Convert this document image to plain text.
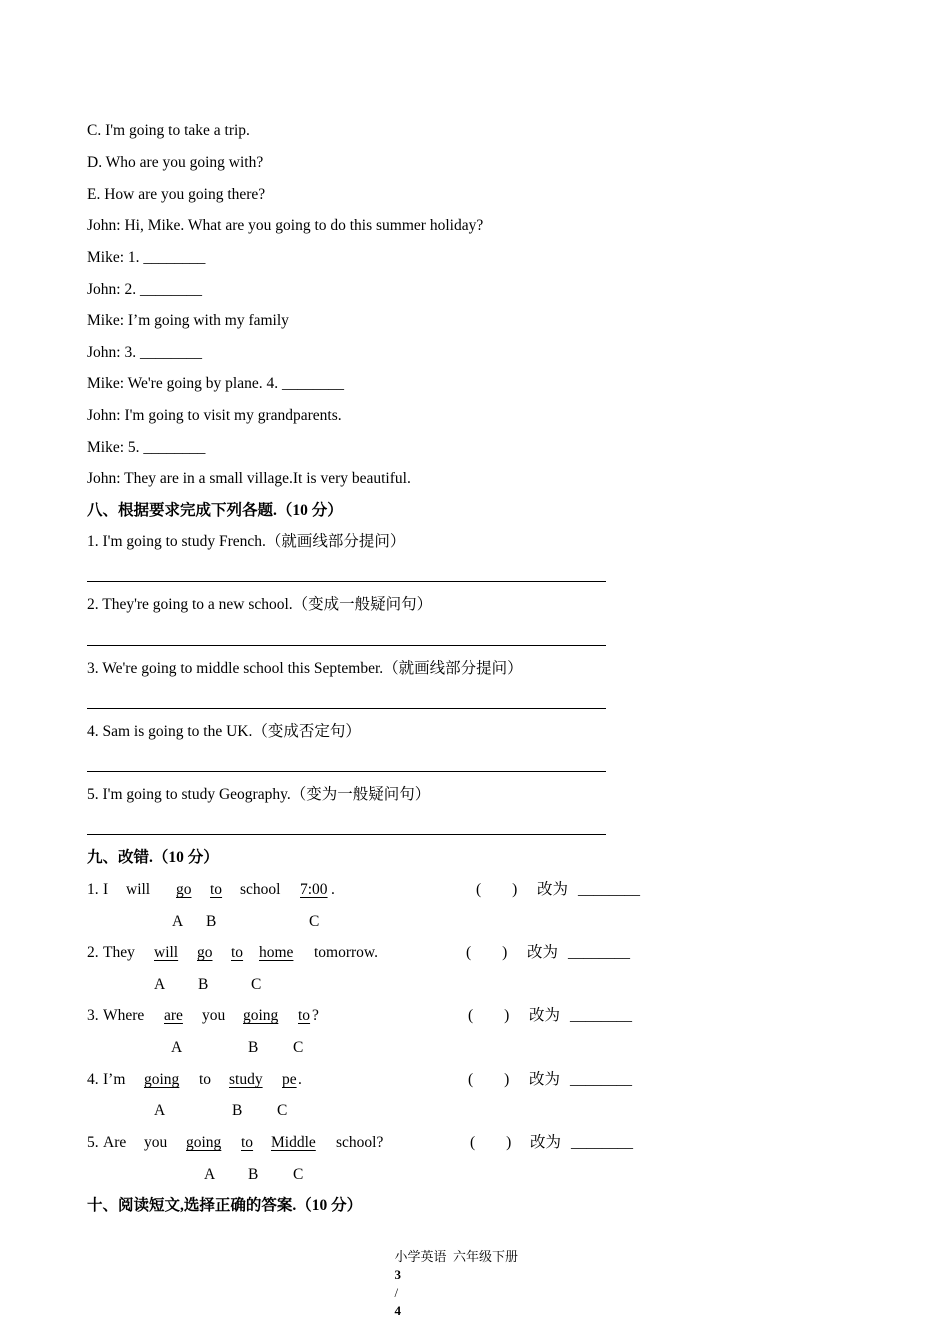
C. I'm going to take a trip.
D. Who are you going with?
E. How are you going there?
John: Hi, Mike. What are you going to do this summer holiday?
Mike: 1. ________
John: 2. ________
Mike: I’m going with my family
John: 3. ________
Mike: We're going by plane. 4. ________
John: I'm going to visit my grandparents.
Mike: 5. ________
John: They are in a small village.It is very beautiful.
八、根据要求完成下列各题.（10 分）
1. I'm going to study French.（就画线部分提问）
2. They're going to a new school.（变成一般疑问句）
3. We're going to middle school this September.（就画线部分提问）
4. Sam is going to the UK.（变成否定句）
5. I'm going to study Geography.（变为一般疑问句）
九、改错.（10 分）
1. I will go to school 7:00 .	(　　) 改为 ________
A B	C
2. They will go to home tomorrow.	(　　) 改为 ________
A B	C
3. Where are you going to ?	(　　) 改为 ________
A	B C
4. I’m going to study pe .	(　　) 改为 ________
A	B C
5. Are you going to Middle school?	(　　) 改为 ________
A B C
十、阅读短文,选择正确的答案.（10 分）

小学英语  六年级下册
3
/
4
